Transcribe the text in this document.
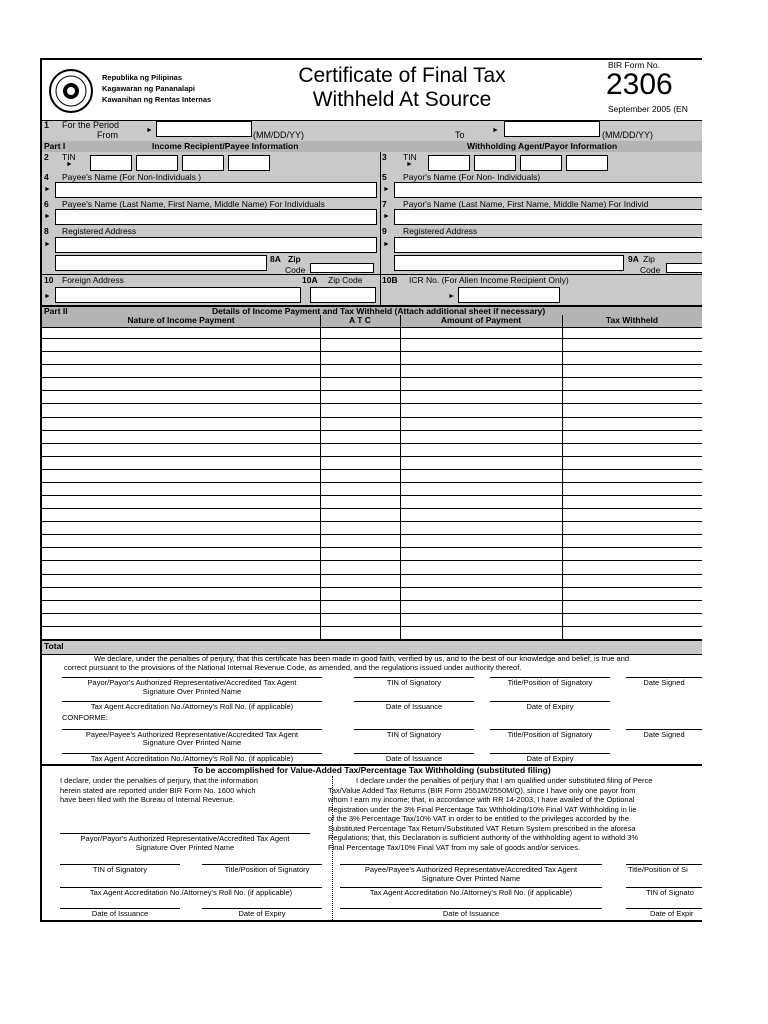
Republika ng Pilipinas
Kagawaran ng Pananalapi
Kawanihan ng Rentas Internas
Certificate of Final Tax
Withheld At Source
BIR Form No.
2306
September 2005 (EN
1 For the Period
From	►	(MM/DD/YY)	To	►	(MM/DD/YY)
Part I	Income Recipient/Payee Information	Withholding Agent/Payor Information
2 TIN
►
3 TIN
►
4 Payee's Name (For Non-Individuals )
►
5 Payor's Name (For Non- Individuals)
►
6 Payee's Name (Last Name, First Name, Middle Name) For Individuals
►
7 Payor's Name (Last Name, First Name, Middle Name) For Individ
►
8 Registered Address
►
8A Zip
Code
9 Registered Address
►
9A Zip
Code
10 Foreign Address	10A Zip Code
►
10B ICR No. (For Alien Income Recipient Only)
►
Part II	Details of Income Payment and Tax Withheld (Attach additional sheet if necessary)
Nature of Income Payment	A T C	Amount of Payment	Tax Withheld
Total
We declare, under the penalties of perjury, that this certificate has been made in good faith, verified by us, and to the best of our knowledge and belief, is true and
correct pursuant to the provisions of the National Internal Revenue Code, as amended, and the regulations issued under authority thereof.
Payor/Payor's Authorized Representative/Accredited Tax Agent
Signature Over Printed Name
TIN of Signatory	Title/Position of Signatory	Date Signed
Tax Agent Accreditation No./Attorney's Roll No. (if applicable)	Date of Issuance	Date of Expiry
CONFORME:
Payee/Payee's Authorized Representative/Accredited Tax Agent
Signature Over Printed Name
TIN of Signatory	Title/Position of Signatory	Date Signed
Tax Agent Accreditation No./Attorney's Roll No. (if applicable)	Date of Issuance	Date of Expiry
To be accomplished for Value-Added Tax/Percentage Tax Withholding (substituted filing)
I declare, under the penalties of perjury, that the information
herein stated are reported under BIR Form No. 1600 which
have been filed with the Bureau of Internal Revenue.
I declare under the penalties of perjury that I am qualified under substituted filing of Perce
Tax/Value Added Tax Returns (BIR Form 2551M/2550M/Q), since I have only one payor from
whom I earn my income; that, in accordance with RR 14-2003, I have availed of the Optional
Registration under the 3% Final Percentage Tax Wthholding/10% Final VAT Withholding in lie
of the 3% Percentage Tax/10% VAT in order to be entitled to the privileges accorded by the
Substituted Percentage Tax Return/Substituted VAT Return System prescribed in the aforesa
Regulations; that, this Declaration is sufficient authority of the withholding agent to withold 3%
Final Percentage Tax/10% Final VAT from my sale of goods and/or services.
Payor/Payor's Authorized Representative/Accredited Tax Agent
Signature Over Printed Name
TIN of Signatory	Title/Position of Signatory
Tax Agent Accreditation No./Attorney's Roll No. (if applicable)
Date of Issuance	Date of Expiry
Payee/Payee's Authorized Representative/Accredited Tax Agent
Signature Over Printed Name
Title/Position of Si
Tax Agent Accreditation No./Attorney's Roll No. (if applicable)	TIN of Signato
Date of Issuance	Date of Expir
